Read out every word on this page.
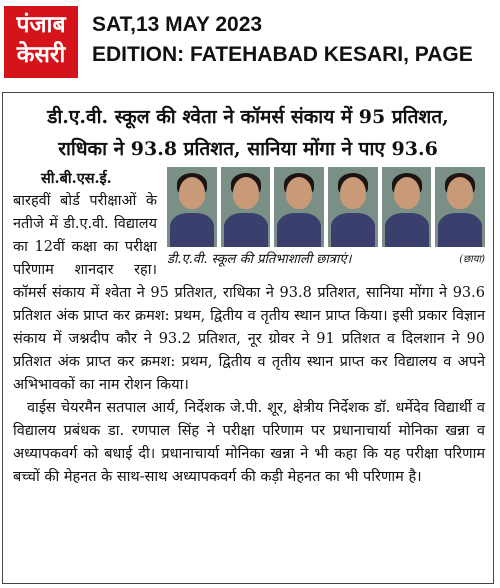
पंजाब
केसरी
SAT,13 MAY 2023
EDITION: FATEHABAD KESARI, PAGE
डी.ए.वी. स्कूल की श्वेता ने कॉमर्स संकाय में 95 प्रतिशत,
राधिका ने 93.8 प्रतिशत, सानिया मोंगा ने पाए 93.6
डी.ए.वी. स्कूल की प्रतिभाशाली छात्राएं।	(छाया)
सी.बी.एस.ई.

बारहवीं बोर्ड परीक्षाओं के नतीजे में डी.ए.वी. विद्यालय का 12वीं कक्षा का परीक्षा परिणाम शानदार रहा। कॉमर्स संकाय में श्वेता ने 95 प्रतिशत, राधिका ने 93.8 प्रतिशत, सानिया मोंगा ने 93.6 प्रतिशत अंक प्राप्त कर क्रमश: प्रथम, द्वितीय व तृतीय स्थान प्राप्त किया। इसी प्रकार विज्ञान संकाय में जश्नदीप कौर ने 93.2 प्रतिशत, नूर ग्रोवर ने 91 प्रतिशत व दिलशान ने 90 प्रतिशत अंक प्राप्त कर क्रमश: प्रथम, द्वितीय व तृतीय स्थान प्राप्त कर विद्यालय व अपने अभिभावकों का नाम रोशन किया।

वाईस चेयरमैन सतपाल आर्य, निर्देशक जे.पी. शूर, क्षेत्रीय निर्देशक डॉ. धर्मेदेव विद्यार्थी व विद्यालय प्रबंधक डा. रणपाल सिंह ने परीक्षा परिणाम पर प्रधानाचार्या मोनिका खन्ना व अध्यापकवर्ग को बधाई दी। प्रधानाचार्या मोनिका खन्ना ने भी कहा कि यह परीक्षा परिणाम बच्चों की मेहनत के साथ-साथ अध्यापकवर्ग की कड़ी मेहनत का भी परिणाम है।
